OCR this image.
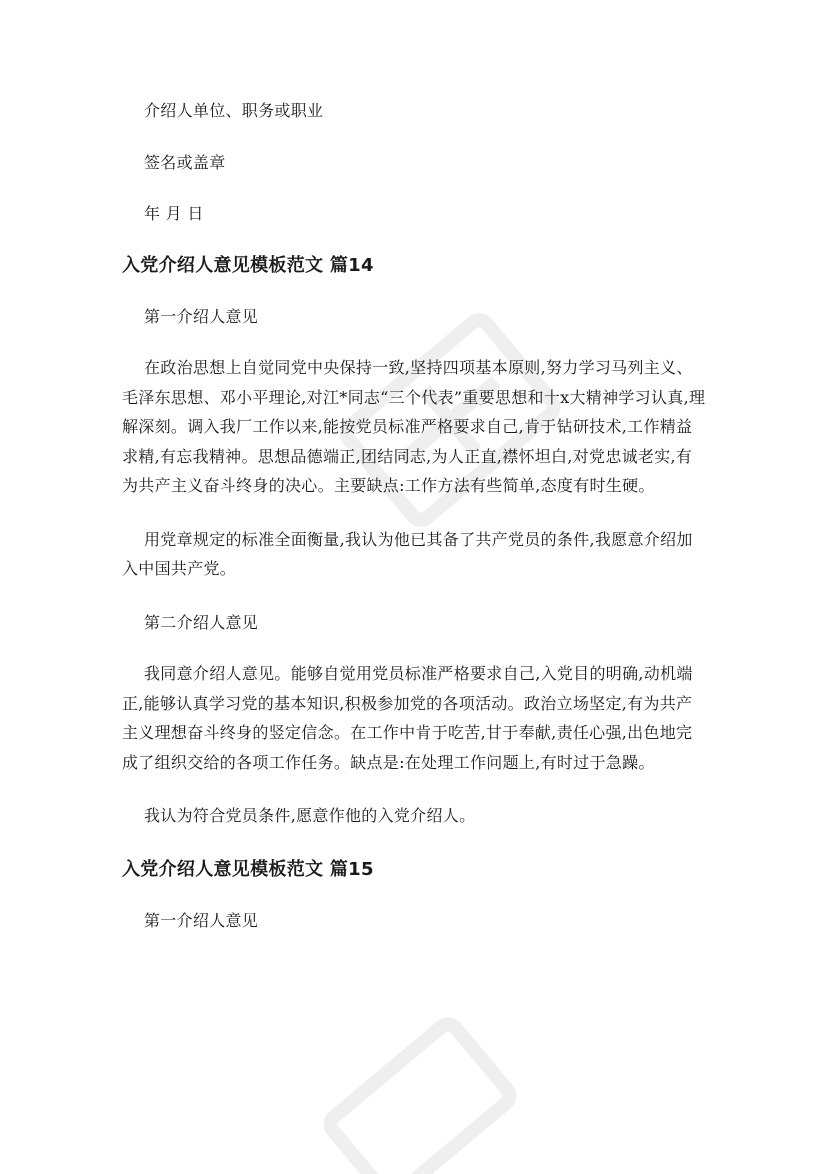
介绍人单位、职务或职业

签名或盖章

年 月 日

入党介绍人意见模板范文 篇14

第一介绍人意见

在政治思想上自觉同党中央保持一致,坚持四项基本原则,努力学习马列主义、毛泽东思想、邓小平理论,对江*同志“三个代表”重要思想和十x大精神学习认真,理解深刻。调入我厂工作以来,能按党员标准严格要求自己,肯于钻研技术,工作精益求精,有忘我精神。思想品德端正,团结同志,为人正直,襟怀坦白,对党忠诚老实,有为共产主义奋斗终身的决心。主要缺点:工作方法有些简单,态度有时生硬。

用党章规定的标准全面衡量,我认为他已其备了共产党员的条件,我愿意介绍加入中国共产党。

第二介绍人意见

我同意介绍人意见。能够自觉用党员标准严格要求自己,入党目的明确,动机端正,能够认真学习党的基本知识,积极参加党的各项活动。政治立场坚定,有为共产主义理想奋斗终身的竖定信念。在工作中肯于吃苦,甘于奉献,责任心强,出色地完成了组织交给的各项工作任务。缺点是:在处理工作问题上,有时过于急躁。

我认为符合党员条件,愿意作他的入党介绍人。

入党介绍人意见模板范文 篇15

第一介绍人意见
